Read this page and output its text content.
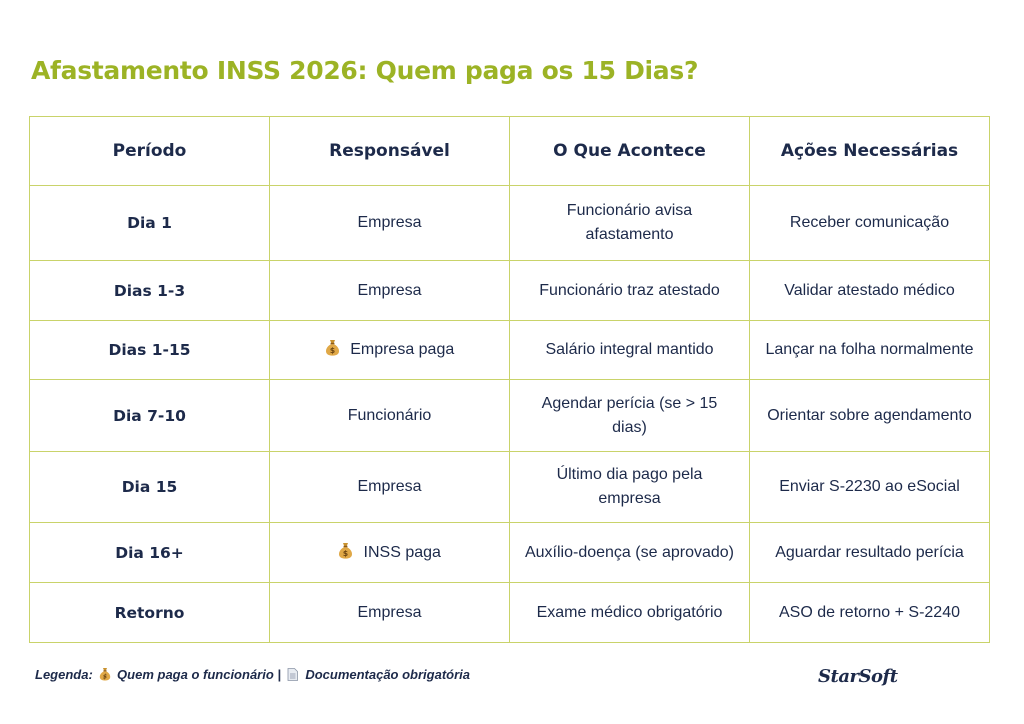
Afastamento INSS 2026: Quem paga os 15 Dias?
Período	Responsável	O Que Acontece	Ações Necessárias
Dia 1	Empresa	Funcionário avisa afastamento	Receber comunicação
Dias 1-3	Empresa	Funcionário traz atestado	Validar atestado médico
Dias 1-15	$ Empresa paga	Salário integral mantido	Lançar na folha normalmente
Dia 7-10	Funcionário	Agendar perícia (se > 15 dias)	Orientar sobre agendamento
Dia 15	Empresa	Último dia pago pela empresa	Enviar S-2230 ao eSocial
Dia 16+	$ INSS paga	Auxílio-doença (se aprovado)	Aguardar resultado perícia
Retorno	Empresa	Exame médico obrigatório	ASO de retorno + S-2240
Legenda: $ Quem paga o funcionário | Documentação obrigatória	StarSoft
